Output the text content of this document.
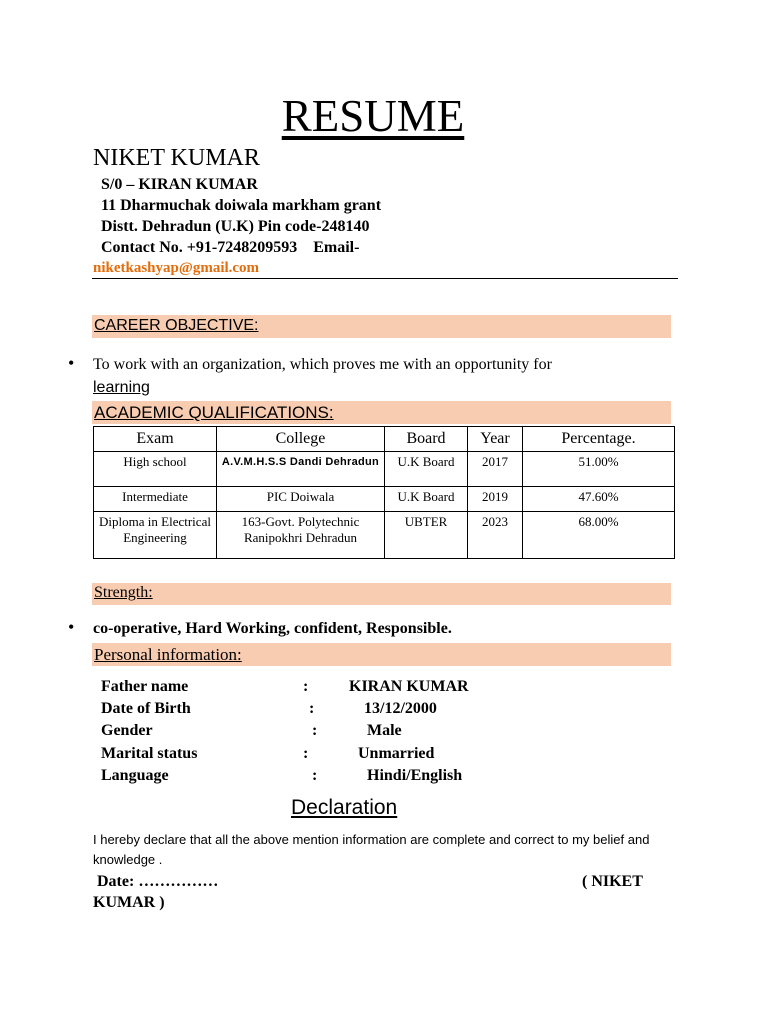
RESUME
NIKET KUMAR
S/0 – KIRAN KUMAR
11 Dharmuchak doiwala markham grant
Distt. Dehradun (U.K) Pin code-248140
Contact No. +91-7248209593    Email-
niketkashyap@gmail.com
CAREER OBJECTIVE:
• To work with an organization, which proves me with an opportunity for
learning
ACADEMIC QUALIFICATIONS:
Exam	College	Board	Year	Percentage.
High school	A.V.M.H.S.S Dandi Dehradun	U.K Board	2017	51.00%
Intermediate	PIC Doiwala	U.K Board	2019	47.60%
Diploma in Electrical Engineering	163-Govt. Polytechnic Ranipokhri Dehradun	UBTER	2023	68.00%
Strength:
• co-operative, Hard Working, confident, Responsible.
Personal information:
Father name	:	KIRAN KUMAR
Date of Birth	:	13/12/2000
Gender	:	Male
Marital status	:	Unmarried
Language	:	Hindi/English
Declaration
I hereby declare that all the above mention information are complete and correct to my belief and knowledge .
Date: ……………	( NIKET
KUMAR )
